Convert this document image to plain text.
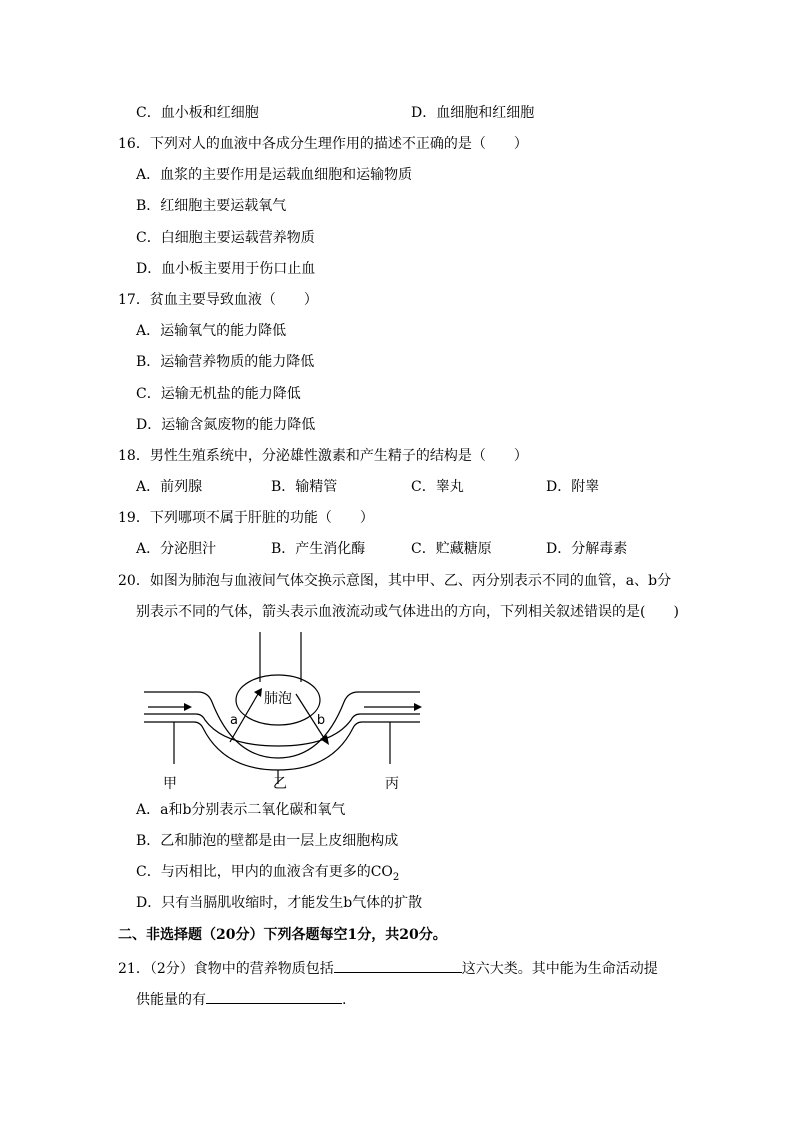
C．血小板和红细胞	D．血细胞和红细胞
16．下列对人的血液中各成分生理作用的描述不正确的是（　　）
A．血浆的主要作用是运载血细胞和运输物质
B．红细胞主要运载氧气
C．白细胞主要运载营养物质
D．血小板主要用于伤口止血
17．贫血主要导致血液（　　）
A．运输氧气的能力降低
B．运输营养物质的能力降低
C．运输无机盐的能力降低
D．运输含氮废物的能力降低
18．男性生殖系统中，分泌雄性激素和产生精子的结构是（　　）
A．前列腺	B．输精管	C．睾丸	D．附睾
19．下列哪项不属于肝脏的功能（　　）
A．分泌胆汁	B．产生消化酶	C．贮藏糖原	D．分解毒素
20．如图为肺泡与血液间气体交换示意图，其中甲、乙、丙分别表示不同的血管，a、b分
别表示不同的气体，箭头表示血液流动或气体进出的方向，下列相关叙述错误的是(　　)
肺泡
a	b
甲	乙	丙
A．a和b分别表示二氧化碳和氧气
B．乙和肺泡的壁都是由一层上皮细胞构成
C．与丙相比，甲内的血液含有更多的$CO_2$
D．只有当膈肌收缩时，才能发生b气体的扩散
二、非选择题（20分）下列各题每空1分，共20分。
21．（2分）食物中的营养物质包括	这六大类。其中能为生命活动提
供能量的有	.
